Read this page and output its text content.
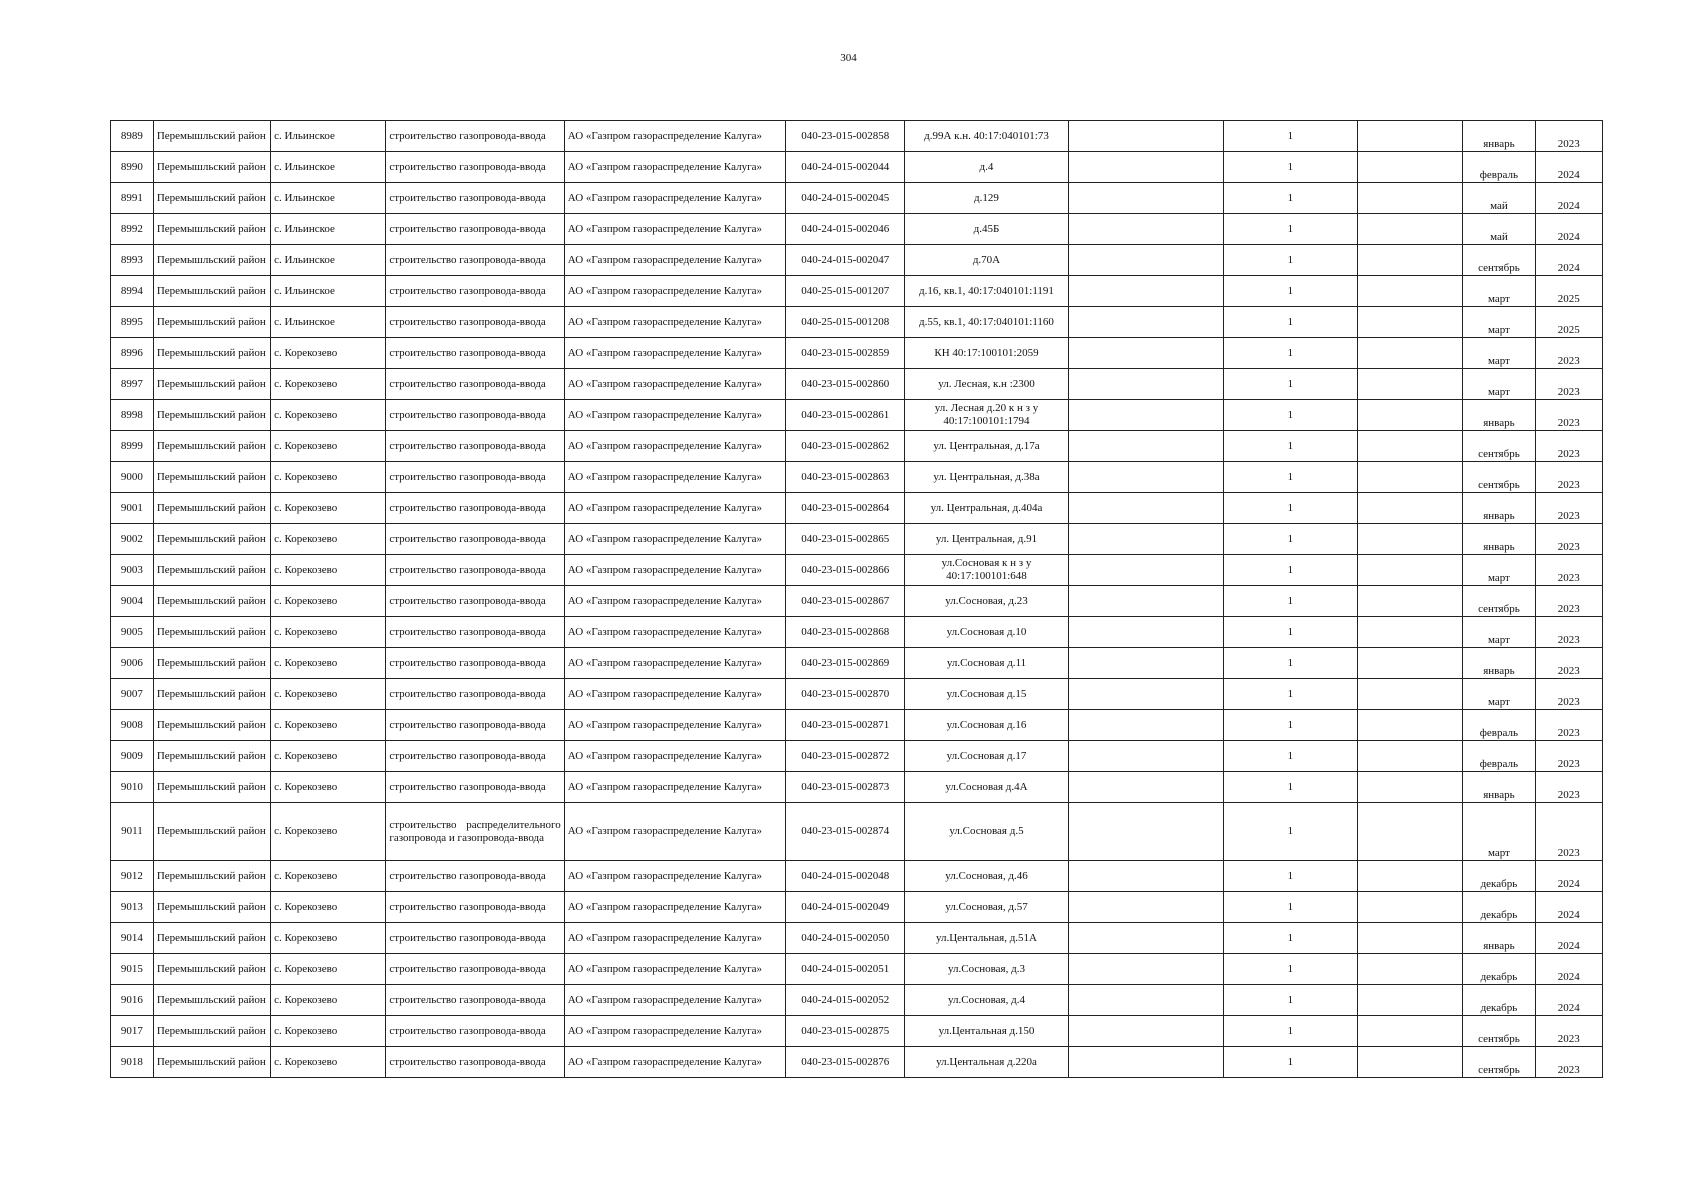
304
8989	Перемышльский район	с. Ильинское	строительство газопровода-ввода	АО «Газпром газораспределение Калуга»	040-23-015-002858	д.99А к.н. 40:17:040101:73		1		январь	2023
8990	Перемышльский район	с. Ильинское	строительство газопровода-ввода	АО «Газпром газораспределение Калуга»	040-24-015-002044	д.4		1		февраль	2024
8991	Перемышльский район	с. Ильинское	строительство газопровода-ввода	АО «Газпром газораспределение Калуга»	040-24-015-002045	д.129		1		май	2024
8992	Перемышльский район	с. Ильинское	строительство газопровода-ввода	АО «Газпром газораспределение Калуга»	040-24-015-002046	д.45Б		1		май	2024
8993	Перемышльский район	с. Ильинское	строительство газопровода-ввода	АО «Газпром газораспределение Калуга»	040-24-015-002047	д.70А		1		сентябрь	2024
8994	Перемышльский район	с. Ильинское	строительство газопровода-ввода	АО «Газпром газораспределение Калуга»	040-25-015-001207	д.16, кв.1, 40:17:040101:1191		1		март	2025
8995	Перемышльский район	с. Ильинское	строительство газопровода-ввода	АО «Газпром газораспределение Калуга»	040-25-015-001208	д.55, кв.1, 40:17:040101:1160		1		март	2025
8996	Перемышльский район	с. Корекозево	строительство газопровода-ввода	АО «Газпром газораспределение Калуга»	040-23-015-002859	КН 40:17:100101:2059		1		март	2023
8997	Перемышльский район	с. Корекозево	строительство газопровода-ввода	АО «Газпром газораспределение Калуга»	040-23-015-002860	ул. Лесная, к.н :2300		1		март	2023
8998	Перемышльский район	с. Корекозево	строительство газопровода-ввода	АО «Газпром газораспределение Калуга»	040-23-015-002861	ул. Лесная д.20 к н з у 40:17:100101:1794		1		январь	2023
8999	Перемышльский район	с. Корекозево	строительство газопровода-ввода	АО «Газпром газораспределение Калуга»	040-23-015-002862	ул. Центральная, д.17а		1		сентябрь	2023
9000	Перемышльский район	с. Корекозево	строительство газопровода-ввода	АО «Газпром газораспределение Калуга»	040-23-015-002863	ул. Центральная, д.38а		1		сентябрь	2023
9001	Перемышльский район	с. Корекозево	строительство газопровода-ввода	АО «Газпром газораспределение Калуга»	040-23-015-002864	ул. Центральная, д.404а		1		январь	2023
9002	Перемышльский район	с. Корекозево	строительство газопровода-ввода	АО «Газпром газораспределение Калуга»	040-23-015-002865	ул. Центральная, д.91		1		январь	2023
9003	Перемышльский район	с. Корекозево	строительство газопровода-ввода	АО «Газпром газораспределение Калуга»	040-23-015-002866	ул.Сосновая к н з у 40:17:100101:648		1		март	2023
9004	Перемышльский район	с. Корекозево	строительство газопровода-ввода	АО «Газпром газораспределение Калуга»	040-23-015-002867	ул.Сосновая, д.23		1		сентябрь	2023
9005	Перемышльский район	с. Корекозево	строительство газопровода-ввода	АО «Газпром газораспределение Калуга»	040-23-015-002868	ул.Сосновая д.10		1		март	2023
9006	Перемышльский район	с. Корекозево	строительство газопровода-ввода	АО «Газпром газораспределение Калуга»	040-23-015-002869	ул.Сосновая д.11		1		январь	2023
9007	Перемышльский район	с. Корекозево	строительство газопровода-ввода	АО «Газпром газораспределение Калуга»	040-23-015-002870	ул.Сосновая д.15		1		март	2023
9008	Перемышльский район	с. Корекозево	строительство газопровода-ввода	АО «Газпром газораспределение Калуга»	040-23-015-002871	ул.Сосновая д.16		1		февраль	2023
9009	Перемышльский район	с. Корекозево	строительство газопровода-ввода	АО «Газпром газораспределение Калуга»	040-23-015-002872	ул.Сосновая д.17		1		февраль	2023
9010	Перемышльский район	с. Корекозево	строительство газопровода-ввода	АО «Газпром газораспределение Калуга»	040-23-015-002873	ул.Сосновая д.4А		1		январь	2023
9011	Перемышльский район	с. Корекозево	строительство распределительного газопровода и газопровода-ввода	АО «Газпром газораспределение Калуга»	040-23-015-002874	ул.Сосновая д.5		1		март	2023
9012	Перемышльский район	с. Корекозево	строительство газопровода-ввода	АО «Газпром газораспределение Калуга»	040-24-015-002048	ул.Сосновая, д.46		1		декабрь	2024
9013	Перемышльский район	с. Корекозево	строительство газопровода-ввода	АО «Газпром газораспределение Калуга»	040-24-015-002049	ул.Сосновая, д.57		1		декабрь	2024
9014	Перемышльский район	с. Корекозево	строительство газопровода-ввода	АО «Газпром газораспределение Калуга»	040-24-015-002050	ул.Центальная, д.51А		1		январь	2024
9015	Перемышльский район	с. Корекозево	строительство газопровода-ввода	АО «Газпром газораспределение Калуга»	040-24-015-002051	ул.Сосновая, д.3		1		декабрь	2024
9016	Перемышльский район	с. Корекозево	строительство газопровода-ввода	АО «Газпром газораспределение Калуга»	040-24-015-002052	ул.Сосновая, д.4		1		декабрь	2024
9017	Перемышльский район	с. Корекозево	строительство газопровода-ввода	АО «Газпром газораспределение Калуга»	040-23-015-002875	ул.Центальная д.150		1		сентябрь	2023
9018	Перемышльский район	с. Корекозево	строительство газопровода-ввода	АО «Газпром газораспределение Калуга»	040-23-015-002876	ул.Центальная д.220а		1		сентябрь	2023
